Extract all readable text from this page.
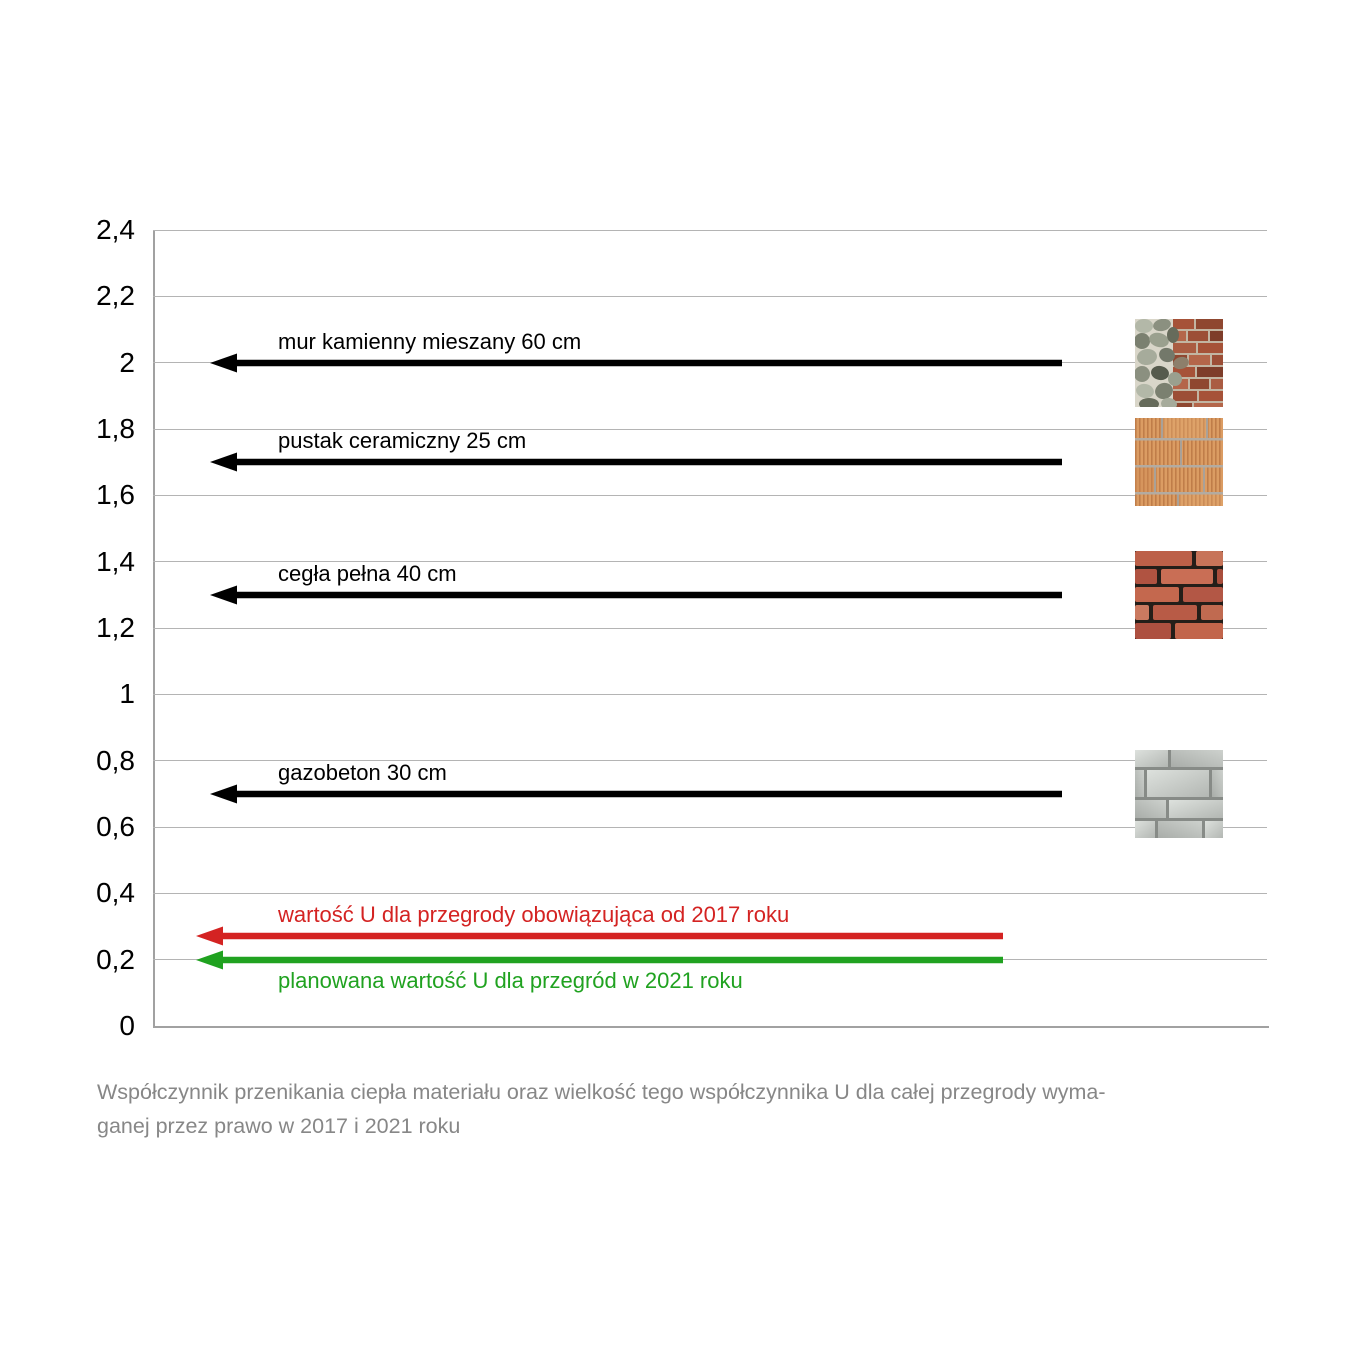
Współczynnik przenikania ciepła materiału oraz wielkość tego współczynnika U dla całej przegrody wyma-
ganej przez prawo w 2017 i 2021 roku
0
0,2
0,4
0,6
0,8
1
1,2
1,4
1,6
1,8
2
2,2
2,4
mur kamienny mieszany 60 cm
pustak ceramiczny 25 cm
cegła pełna 40 cm
gazobeton 30 cm
wartość U dla przegrody obowiązująca od 2017 roku
planowana wartość U dla przegród w 2021 roku
